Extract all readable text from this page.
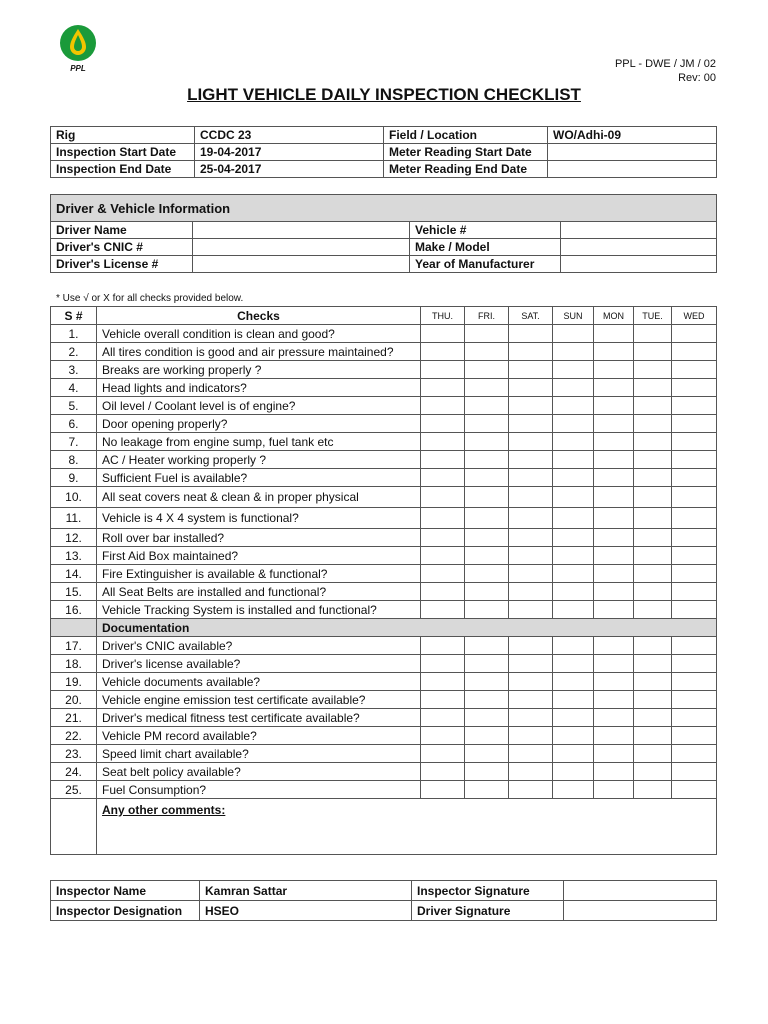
PPL	PPL - DWE / JM / 02
Rev: 00
LIGHT VEHICLE DAILY INSPECTION CHECKLIST
Rig	CCDC 23	Field / Location	WO/Adhi-09
Inspection Start Date	19-04-2017	Meter Reading Start Date	
Inspection End Date	25-04-2017	Meter Reading End Date	
Driver & Vehicle Information			
Driver Name		Vehicle #	
Driver's CNIC #		Make / Model	
Driver's License #		Year of Manufacturer	
* Use √ or X for all checks provided below.
S #	Checks	THU.	FRI.	SAT.	SUN	MON	TUE.	WED
1.	Vehicle overall condition is clean and good?							
2.	All tires condition is good and air pressure maintained?							
3.	Breaks are working properly ?							
4.	Head lights and indicators?							
5.	Oil level / Coolant level is of engine?							
6.	Door opening properly?							
7.	No leakage from engine sump, fuel tank etc							
8.	AC / Heater working properly ?							
9.	Sufficient Fuel is available?							
10.	All seat covers neat & clean & in proper physical							
11.	Vehicle is 4 X 4 system is functional?							
12.	Roll over bar installed?							
13.	First Aid Box maintained?							
14.	Fire Extinguisher is available & functional?							
15.	All Seat Belts are installed and functional?							
16.	Vehicle Tracking System is installed and functional?							
	Documentation							
17.	Driver's CNIC available?							
18.	Driver's license available?							
19.	Vehicle documents available?							
20.	Vehicle engine emission test certificate available?							
21.	Driver's medical fitness test certificate available?							
22.	Vehicle PM record available?							
23.	Speed limit chart available?							
24.	Seat belt policy available?							
25.	Fuel Consumption?							
	Any other comments:							
Inspector Name	Kamran Sattar	Inspector Signature	
Inspector Designation	HSEO	Driver Signature	
